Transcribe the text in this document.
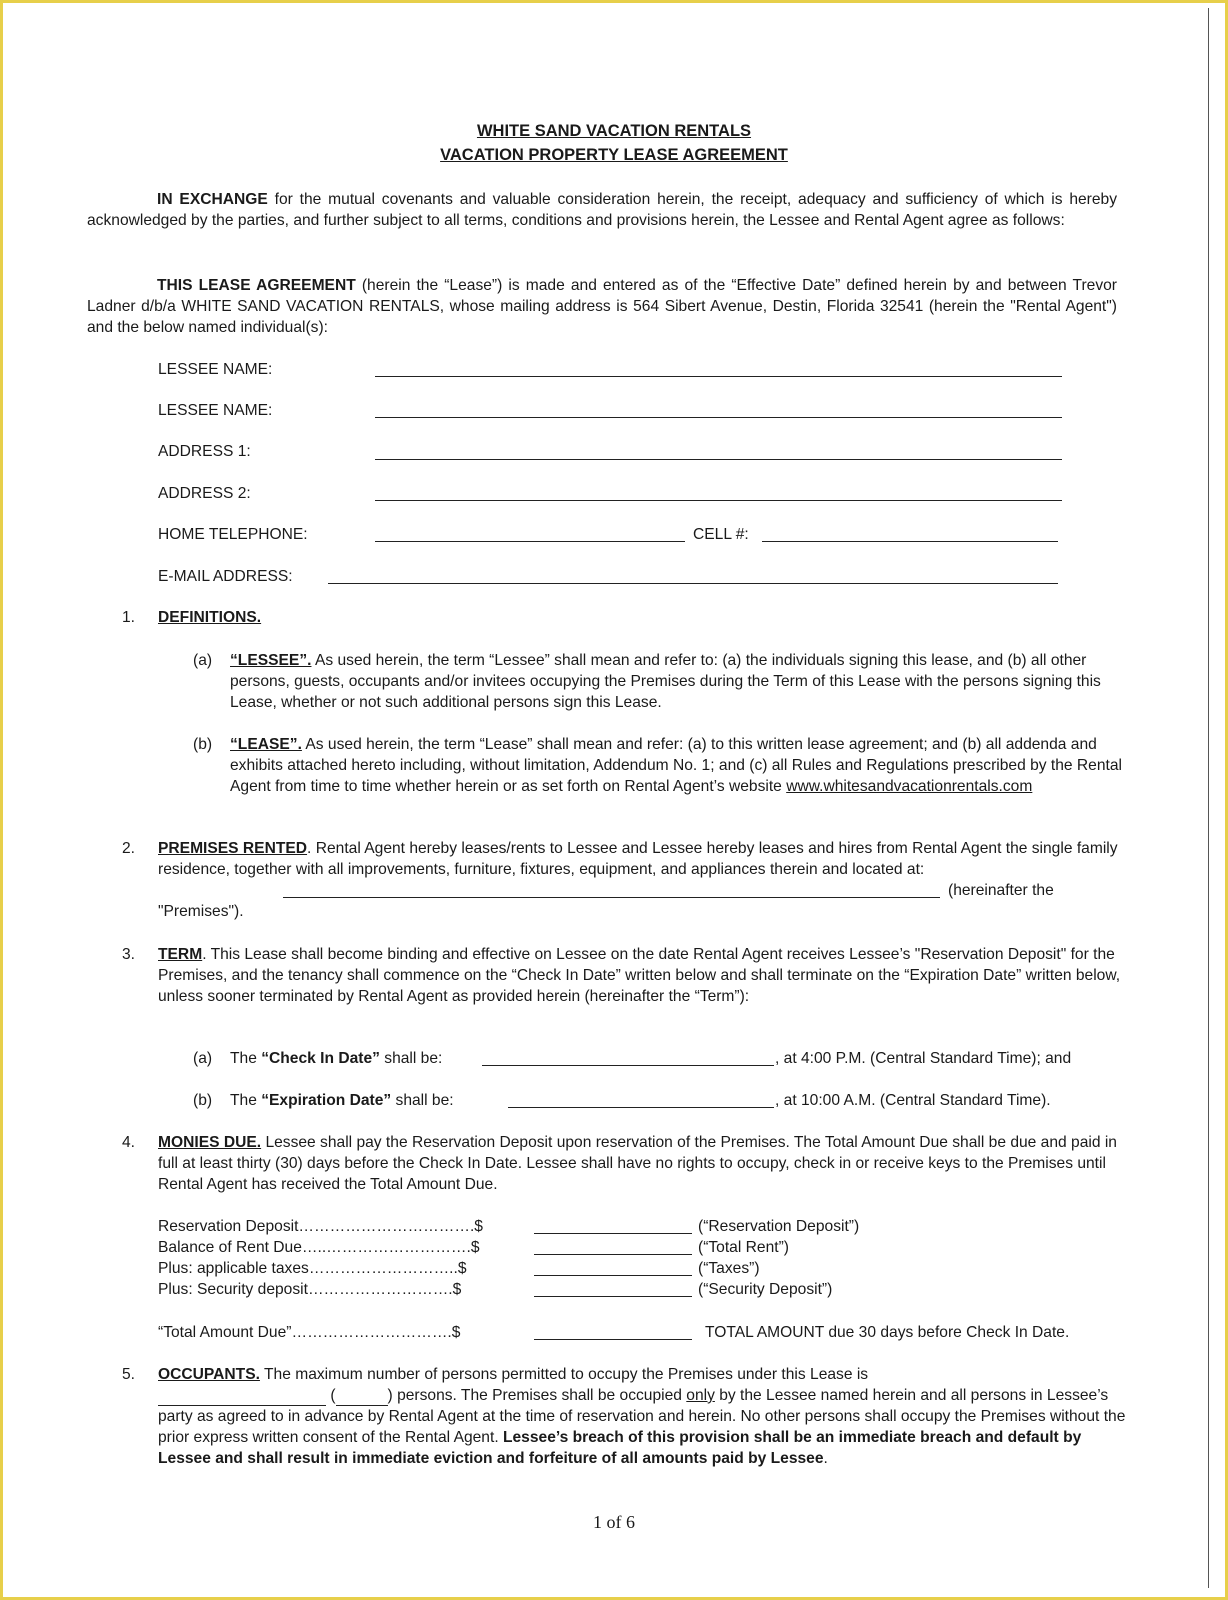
WHITE SAND VACATION RENTALS
VACATION PROPERTY LEASE AGREEMENT
IN EXCHANGE for the mutual covenants and valuable consideration herein, the receipt, adequacy and sufficiency of which is hereby acknowledged by the parties, and further subject to all terms, conditions and provisions herein, the Lessee and Rental Agent agree as follows:
THIS LEASE AGREEMENT (herein the “Lease”) is made and entered as of the “Effective Date” defined herein by and between Trevor Ladner d/b/a WHITE SAND VACATION RENTALS, whose mailing address is 564 Sibert Avenue, Destin, Florida 32541 (herein the "Rental Agent") and the below named individual(s):
LESSEE NAME:
LESSEE NAME:
ADDRESS 1:
ADDRESS 2:
HOME TELEPHONE:	CELL #:
E-MAIL ADDRESS:
1. DEFINITIONS.
(a) “LESSEE”. As used herein, the term “Lessee” shall mean and refer to: (a) the individuals signing this lease, and (b) all other persons, guests, occupants and/or invitees occupying the Premises during the Term of this Lease with the persons signing this Lease, whether or not such additional persons sign this Lease.
(b) “LEASE”. As used herein, the term “Lease” shall mean and refer: (a) to this written lease agreement; and (b) all addenda and exhibits attached hereto including, without limitation, Addendum No. 1; and (c) all Rules and Regulations prescribed by the Rental Agent from time to time whether herein or as set forth on Rental Agent’s website www.whitesandvacationrentals.com
2. PREMISES RENTED. Rental Agent hereby leases/rents to Lessee and Lessee hereby leases and hires from Rental Agent the single family residence, together with all improvements, furniture, fixtures, equipment, and appliances therein and located at:
(hereinafter the
"Premises").
3. TERM. This Lease shall become binding and effective on Lessee on the date Rental Agent receives Lessee’s "Reservation Deposit" for the Premises, and the tenancy shall commence on the “Check In Date” written below and shall terminate on the “Expiration Date” written below, unless sooner terminated by Rental Agent as provided herein (hereinafter the “Term”):
(a) The “Check In Date” shall be:	, at 4:00 P.M. (Central Standard Time); and
(b) The “Expiration Date” shall be:	, at 10:00 A.M. (Central Standard Time).
4. MONIES DUE. Lessee shall pay the Reservation Deposit upon reservation of the Premises. The Total Amount Due shall be due and paid in full at least thirty (30) days before the Check In Date. Lessee shall have no rights to occupy, check in or receive keys to the Premises until Rental Agent has received the Total Amount Due.
Reservation Deposit…………………………….$	(“Reservation Deposit”)
Balance of Rent Due…..……………………….$	(“Total Rent”)
Plus: applicable taxes………………………..$	(“Taxes”)
Plus: Security deposit……………………….$	(“Security Deposit”)
“Total Amount Due”………………………….$	TOTAL AMOUNT due 30 days before Check In Date.
5. OCCUPANTS. The maximum number of persons permitted to occupy the Premises under this Lease is
(	) persons. The Premises shall be occupied only by the Lessee named herein and all persons in Lessee’s party as agreed to in advance by Rental Agent at the time of reservation and herein. No other persons shall occupy the Premises without the prior express written consent of the Rental Agent. Lessee’s breach of this provision shall be an immediate breach and default by Lessee and shall result in immediate eviction and forfeiture of all amounts paid by Lessee.
1 of 6
